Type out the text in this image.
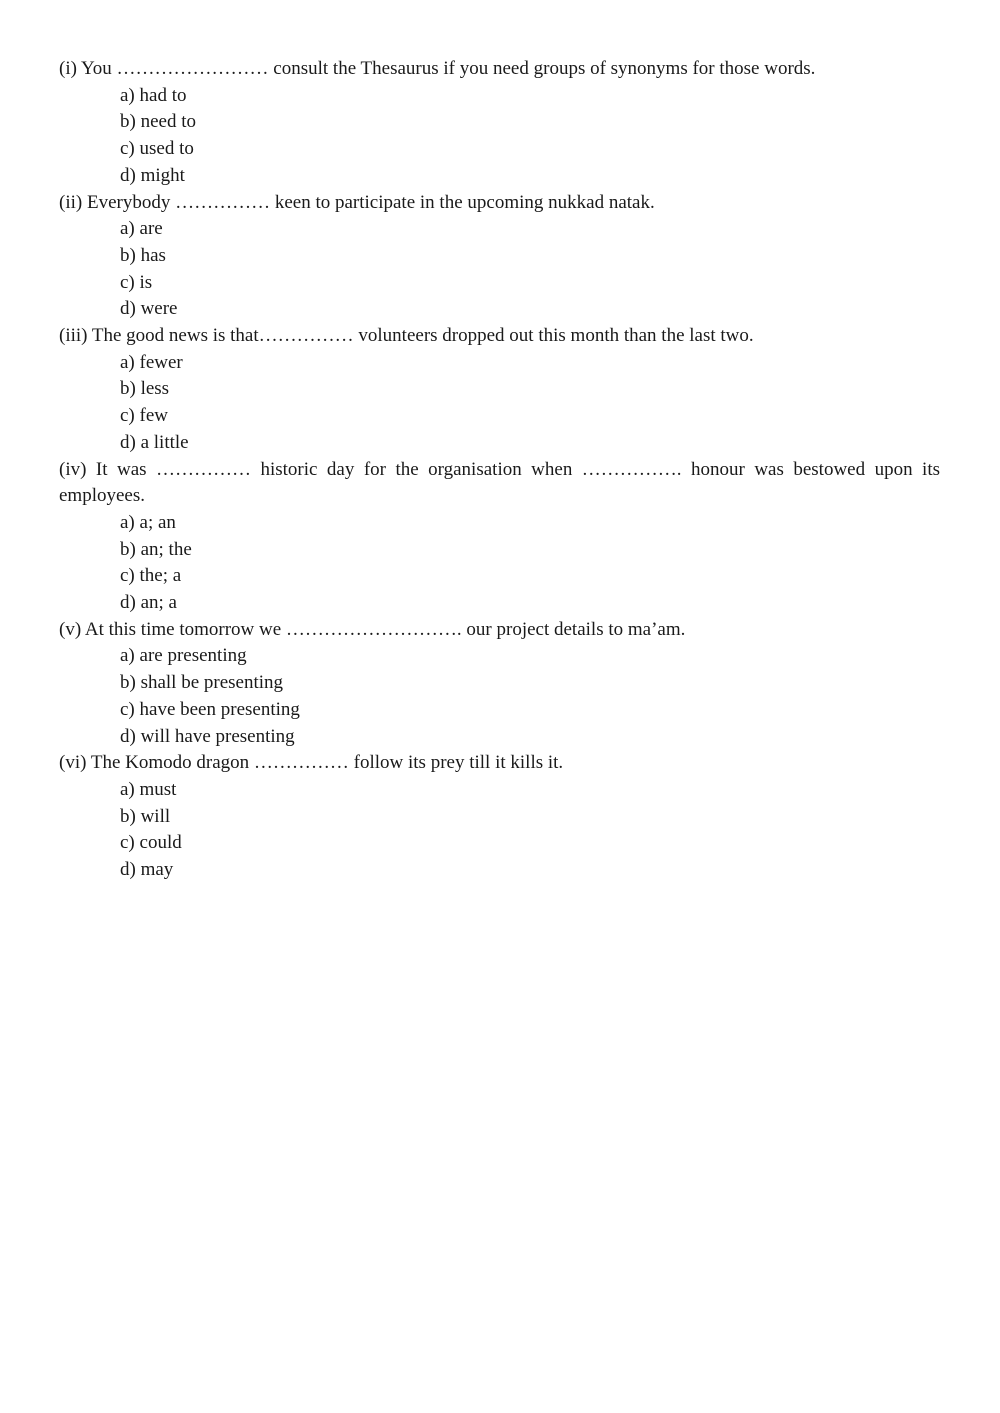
(i) You …………………… consult the Thesaurus if you need groups of synonyms for those words.

a) had to
b) need to
c) used to
d) might

(ii) Everybody …………… keen to participate in the upcoming nukkad natak.

a) are
b) has
c) is
d) were

(iii) The good news is that…………… volunteers dropped out this month than the last two.

a) fewer
b) less
c) few
d) a little

(iv) It was …………… historic day for the organisation when ……………. honour was bestowed upon its employees.

a) a; an
b) an; the
c) the; a
d) an; a

(v) At this time tomorrow we ………………………. our project details to ma’am.

a) are presenting
b) shall be presenting
c) have been presenting
d) will have presenting

(vi) The Komodo dragon …………… follow its prey till it kills it.

a) must
b) will
c) could
d) may
